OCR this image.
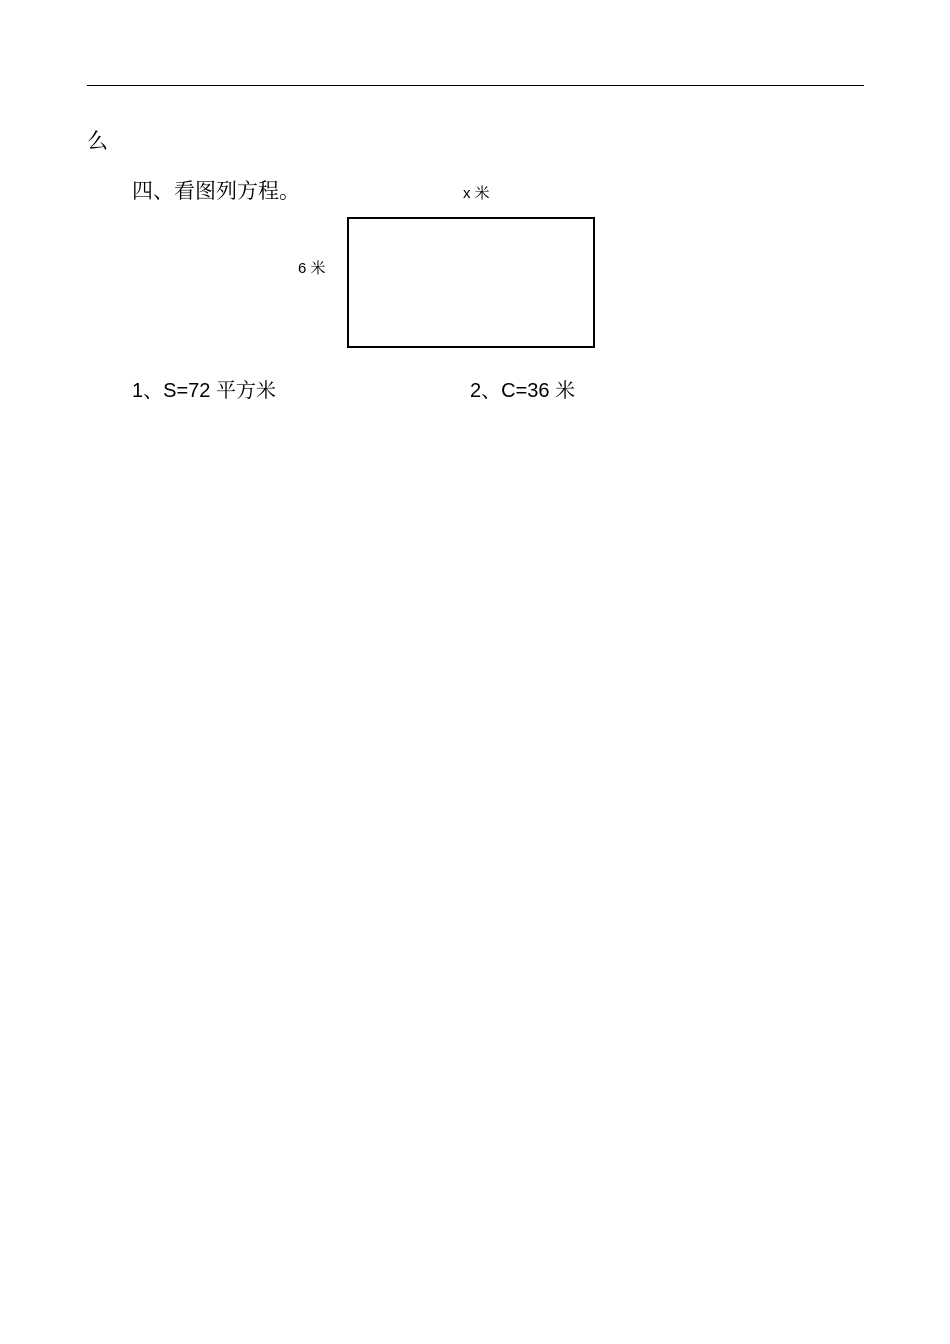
么
四、看图列方程。	x 米
6 米
1、S=72 平方米	2、C=36 米
